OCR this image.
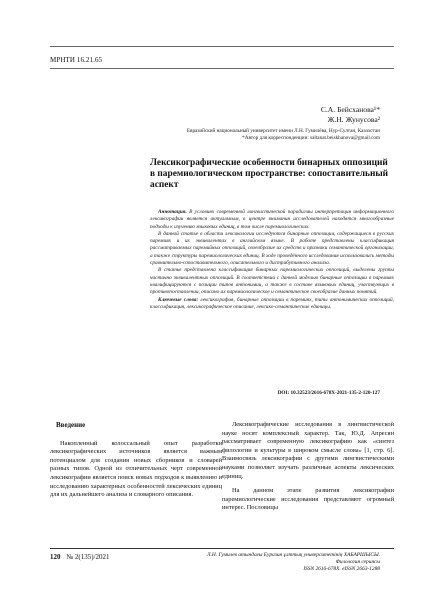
МРНТИ 16.21.65
С.А. Бейсханова¹*
Ж.Н. Жунусова²
Евразийский национальный университет имени Л.Н. Гумилёва, Нур-Султан, Казахстан
*Автор для корреспонденции: saltanat.beiskhanova@gmail.com
Лексикографические особенности бинарных оппозиций в паремиологическом пространстве: сопоставительный аспект

Аннотация. В условиях современной лингвистической парадигмы интерпретация информационного лексикографии является актуальным, в центре внимания исследователей находятся многообразные подходы к изучению языковых единиц, в том числе паремиологических.

В данной статье в области лексикологии исследуются бинарные оппозиции, содержащиеся в русских паремиях и их эквивалентах в английском языке. В работе представлены классификация рассматриваемых паремийных оппозиций, своеобразие их средств и признаки семантической организации, а также структуры паремиологических единиц. В ходе проведённого исследования использовались методы сравнительно-сопоставительного, описательного и дистрибутивного анализа.

В статье представлена классификация бинарных паремиологических оппозиций, выделены группы частично эквивалентных оппозиций. В соответствии с данной моделью бинарные оппозиции в паремиях квалифицируются с позиции типов антонимии, а также в составе языковых единиц, участвующих в противопоставлении, описано их паремиологическое и семантическое своеобразие данных понятий.

Ключевые слова: лексикография, бинарные оппозиции в паремиях, типы антонимических оппозиций, классификация, лексикографическое описание, лексико-семантические единицы.

DOI: 10.32523/2616-678X-2021-135-2-120-127
Введение

Накопленный колоссальный опыт разработки лексикографических источников является важным потенциалом для создания новых сборников и словарей разных типов. Одной из отличительных черт современной лексикографии является поиск новых подходов к выявлению и исследованию характерных особенностей лексических единиц для их дальнейшего анализа и словарного описания.

Лексикографические исследования в лингвистической науке носят комплексный характер. Так, Ю.Д. Апресян рассматривает современную лексикографию как «синтез филологии и культуры в широком смысле слова» [1, стр. 6]. Взаимосвязь лексикографии с другими лингвистическими науками позволяет изучать различные аспекты лексических единиц.

На данном этапе развития лексикографии паремиологические исследования представляют огромный интерес. Пословицы

120 № 2(135)/2021	Л.Н. Гумилев атындағы Еуразия ұлттық университетінің ХАБАРШЫСЫ.
Филология сериясы
ISSN 2616-678X. eISSN 2663-1288
